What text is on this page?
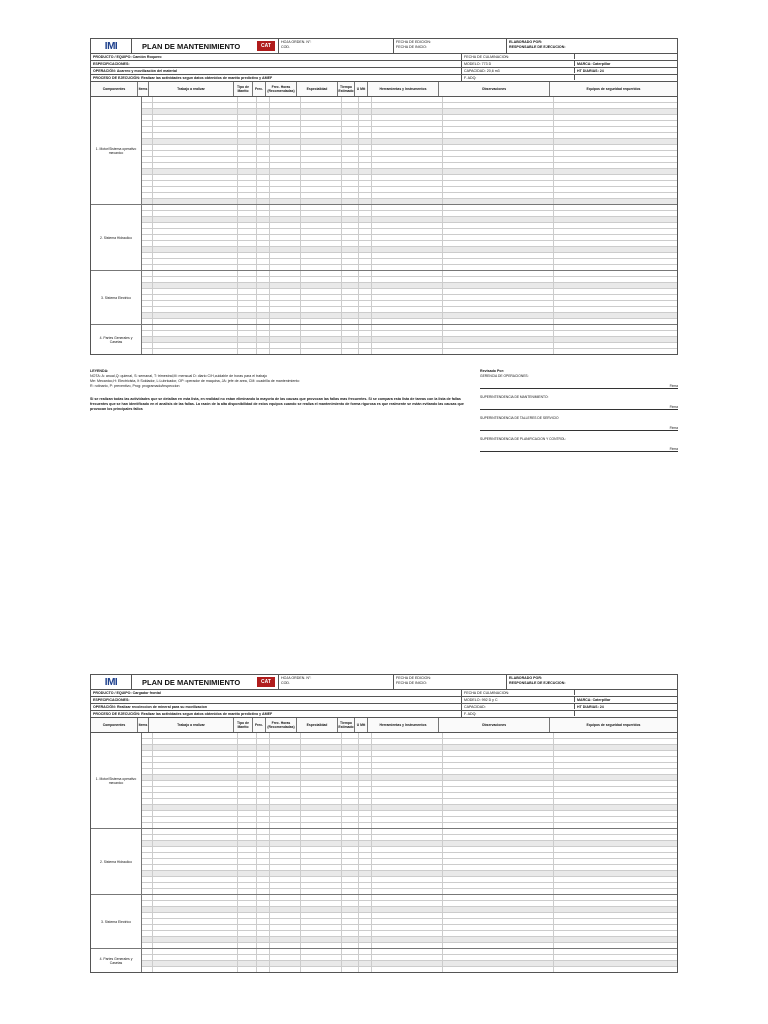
IMI	PLAN DE MANTENIMIENTO	CAT
HOJA ORDEN. N°:
COD.
FECHA DE EDICION:
FECHA DE INICIO:
ELABORADO POR:
RESPONSABLE DE EJECUCION:
PRODUCTO / EQUIPO: Camión Roquero	FECHA DE CULMINACION:
ESPECIFICACIONES:	MODELO: 773 D	MARCA: Caterpillar
OPERACIÓN: Acarreo y movilización del material	CAPACIDAD: 20,6 m3	HT DIARIAS: 24
PROCESO DE EJECUCIÓN: Realizar las actividades segun datos obtenidos de mantto predictivo y AMEF	F. ADQ:
Componentes	Items	Trabajo a realizar	Tipo de Mantto	Frec.	Frec. Horas (Recomendadas)	Especialidad	Tiempo Estimado U Mtt	Herramientas y Instrumentos	Observaciones	Equipos de seguridad requeridos
1. Motor/Sistema operativo mecanico
2. Sistema Hidraulico
3. Sistema Electrico
4. Partes Generales y Casetas
LEYENDA:
NOTA: A: anual,Q: quienal, S: semanal, T: trimestral,M: mensual D: diario C/H,cuidable de horas para el trabajo
Me: Mecanico,H: Electricista, It Soldador, L:Lubricador, OP: operador de maquina, JA: jefe de area, CM: cuadrilla de mantenimiento
R: rutinario, P: preventivo, Prog: programado/inspeccion
Si se realizan todas las actividades que se detallan en esta lista, en realidad no estan eliminando la mayoria de las causas que provocan las fallas mas frecuentes. Si se compara esta lista de tareas con la lista de fallas frecuentes que se han identificado en el analisis de las fallas. La razón de la alta disponibilidad de estos equipos cuando se realiza el mantenimiento de forma rigurosa es que realmente se están evitando las causas que provocan los principales fallos
Revisado Por:
GERENCIA DE OPERACIONES:
Firma
SUPERINTENDENCIA DE MANTENIMIENTO:
Firma
SUPERINTENDENCIA DE TALLERES DE SERVICIO
Firma
SUPERINTENDENCIA DE PLANIFICACION Y CONTROL:
Firma
IMI	PLAN DE MANTENIMIENTO	CAT
HOJA ORDEN. N°:
COD.
FECHA DE EDICION:
FECHA DE INICIO:
ELABORADO POR:
RESPONSABLE DE EJECUCION:
PRODUCTO / EQUIPO: Cargador frontal	FECHA DE CULMINACION:
ESPECIFICACIONES:	MODELO: 992 D y C	MARCA: Caterpillar
OPERACIÓN: Realizar recoleccion de mineral para su movilizacion	CAPACIDAD:	HT DIARIAS: 24
PROCESO DE EJECUCIÓN: Realizar las actividades segun datos obtenidos de mantto predictivo y AMEF	F. ADQ:
Componentes	Items	Trabajo a realizar	Tipo de Mantto	Frec.	Frec. Horas (Recomendadas)	Especialidad	Tiempo Estimado U Mtt	Herramientas y Instrumentos	Observaciones	Equipos de seguridad requeridos
1. Motor/Sistema operativo mecanico
2. Sistema Hidraulico
3. Sistema Electrico
4. Partes Generales y Casetas
